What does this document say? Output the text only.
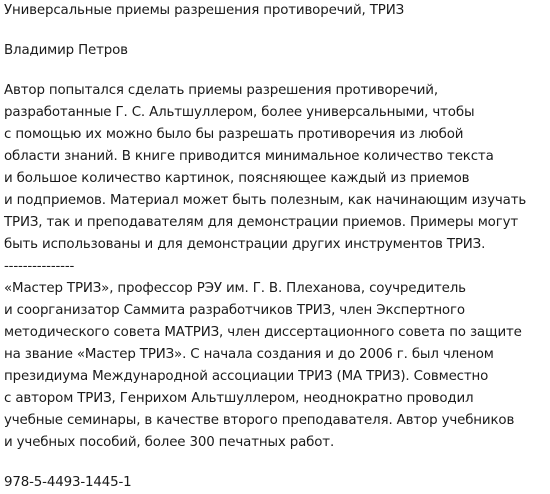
Универсальные приемы разрешения противоречий, ТРИЗ
Владимир Петров
Автор попытался сделать приемы разрешения противоречий,
разработанные Г. С. Альтшуллером, более универсальными, чтобы
с помощью их можно было бы разрешать противоречия из любой
области знаний. В книге приводится минимальное количество текста
и большое количество картинок, поясняющее каждый из приемов
и подприемов. Материал может быть полезным, как начинающим изучать
ТРИЗ, так и преподавателям для демонстрации приемов. Примеры могут
быть использованы и для демонстрации других инструментов ТРИЗ.
---------------
«Мастер ТРИЗ», профессор РЭУ им. Г. В. Плеханова, соучредитель
и соорганизатор Саммита разработчиков ТРИЗ, член Экспертного
методического совета МАТРИЗ, член диссертационного совета по защите
на звание «Мастер ТРИЗ». С начала создания и до 2006 г. был членом
президиума Международной ассоциации ТРИЗ (МА ТРИЗ). Совместно
с автором ТРИЗ, Генрихом Альтшуллером, неоднократно проводил
учебные семинары, в качестве второго преподавателя. Автор учебников
и учебных пособий, более 300 печатных работ.
978-5-4493-1445-1
